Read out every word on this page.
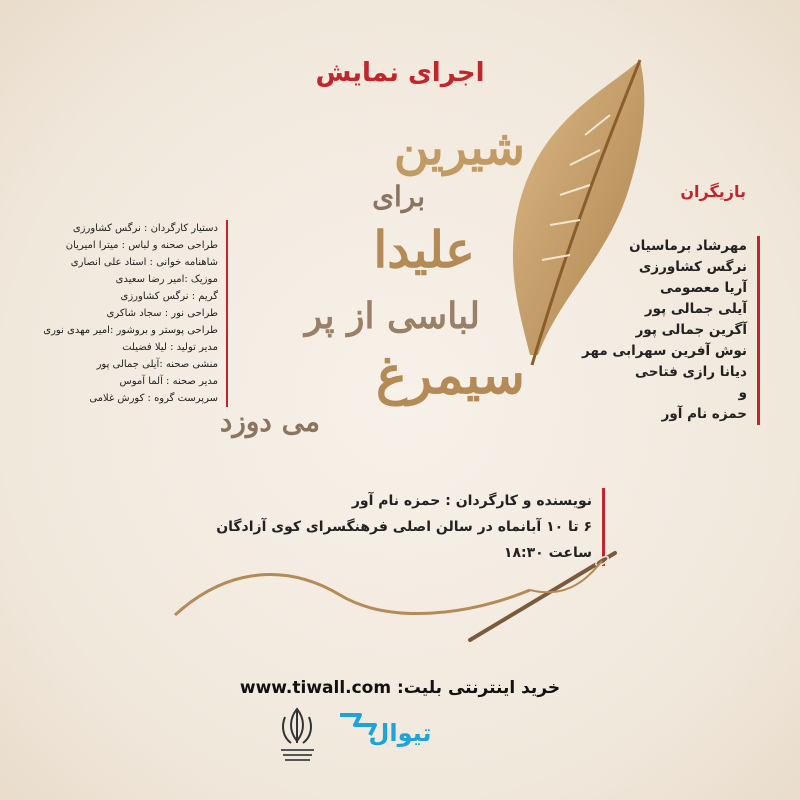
اجرای نمایش
شیرین
برای
علیدا
لباسی از پر
سیمرغ
می دوزد
بازیگران
مهرشاد برماسیان
نرگس کشاورزی
آریا معصومی
آیلی جمالی پور
آگرین جمالی پور
نوش آفرین سهرابی مهر
دیانا رازی فتاحی
و
حمزه نام آور
دستیار کارگردان : نرگس کشاورزی
طراحی صحنه و لباس : میترا امیریان
شاهنامه خوانی : استاد علی انصاری
موزیک :امیر رضا سعیدی
گریم : نرگس کشاورزی
طراحی نور : سجاد شاکری
طراحی پوستر و بروشور :امیر مهدی نوری
مدیر تولید : لیلا فضیلت
منشی صحنه :آیلی جمالی پور
مدیر صحنه : آلما آموس
سرپرست گروه : کورش غلامی
نویسنده و کارگردان : حمزه نام آور
۶ تا ۱۰ آبانماه در سالن اصلی فرهنگسرای کوی آزادگان
ساعت ۱۸:۳۰
خرید اینترنتی بلیت: www.tiwall.com
تیوال
